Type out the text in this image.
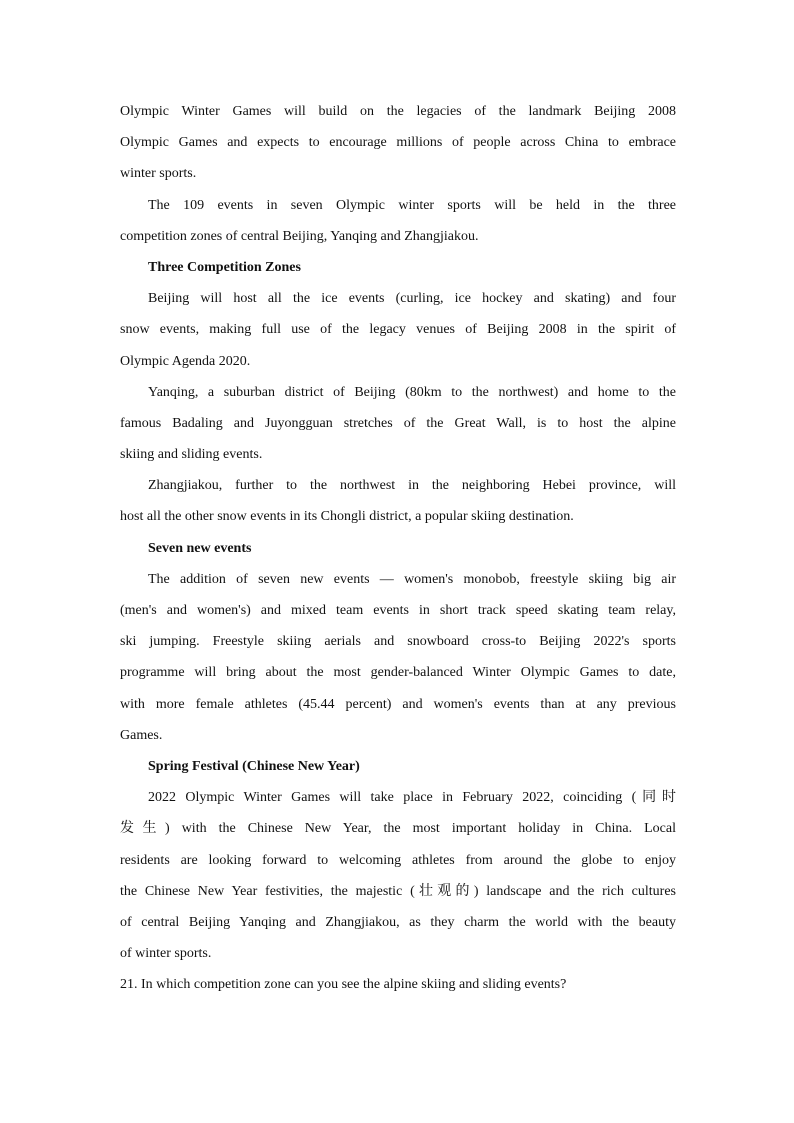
Olympic Winter Games will build on the legacies of the landmark Beijing 2008
Olympic Games and expects to encourage millions of people across China to embrace
winter sports.
The 109 events in seven Olympic winter sports will be held in the three
competition zones of central Beijing, Yanqing and Zhangjiakou.
Three Competition Zones
Beijing will host all the ice events (curling, ice hockey and skating) and four
snow events, making full use of the legacy venues of Beijing 2008 in the spirit of
Olympic Agenda 2020.
Yanqing, a suburban district of Beijing (80km to the northwest) and home to the
famous Badaling and Juyongguan stretches of the Great Wall, is to host the alpine
skiing and sliding events.
Zhangjiakou, further to the northwest in the neighboring Hebei province, will
host all the other snow events in its Chongli district, a popular skiing destination.
Seven new events
The addition of seven new events — women's monobob, freestyle skiing big air
(men's and women's) and mixed team events in short track speed skating team relay,
ski jumping. Freestyle skiing aerials and snowboard cross-to Beijing 2022's sports
programme will bring about the most gender-balanced Winter Olympic Games to date,
with more female athletes (45.44 percent) and women's events than at any previous
Games.
Spring Festival (Chinese New Year)
2022 Olympic Winter Games will take place in February 2022, coinciding (同时
发生) with the Chinese New Year, the most important holiday in China. Local
residents are looking forward to welcoming athletes from around the globe to enjoy
the Chinese New Year festivities, the majestic (壮观的) landscape and the rich cultures
of central Beijing Yanqing and Zhangjiakou, as they charm the world with the beauty
of winter sports.
21. In which competition zone can you see the alpine skiing and sliding events?
